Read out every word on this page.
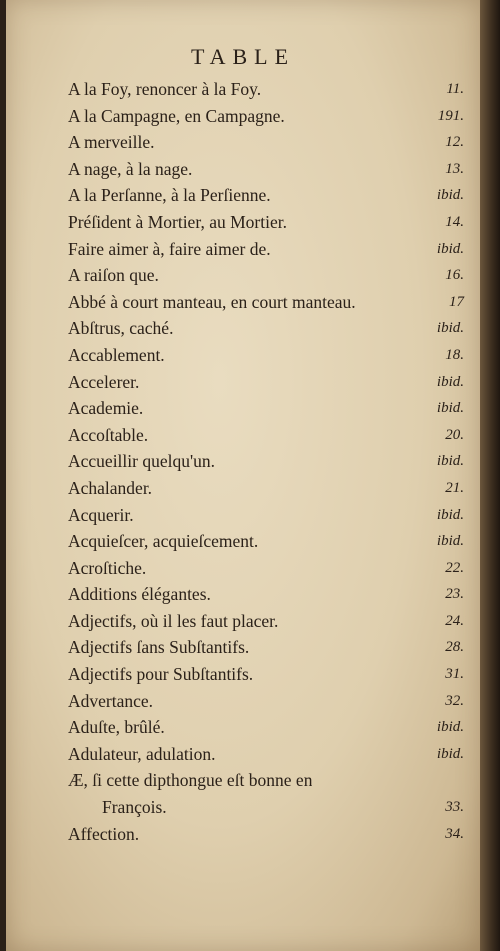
TABLE
A la Foy, renoncer à la Foy.	11.
A la Campagne, en Campagne.	191.
A merveille.	12.
A nage, à la nage.	13.
A la Perſanne, à la Perſienne.	ibid.
Préſident à Mortier, au Mortier.	14.
Faire aimer à, faire aimer de.	ibid.
A raiſon que.	16.
Abbé à court manteau, en court manteau.	17
Abſtrus, caché.	ibid.
Accablement.	18.
Accelerer.	ibid.
Academie.	ibid.
Accoſtable.	20.
Accueillir quelqu'un.	ibid.
Achalander.	21.
Acquerir.	ibid.
Acquieſcer, acquieſcement.	ibid.
Acroſtiche.	22.
Additions élégantes.	23.
Adjectifs, où il les faut placer.	24.
Adjectifs ſans Subſtantifs.	28.
Adjectifs pour Subſtantifs.	31.
Advertance.	32.
Aduſte, brûlé.	ibid.
Adulateur, adulation.	ibid.
Æ, ſi cette dipthongue eſt bonne en
François.	33.
Affection.	34.
